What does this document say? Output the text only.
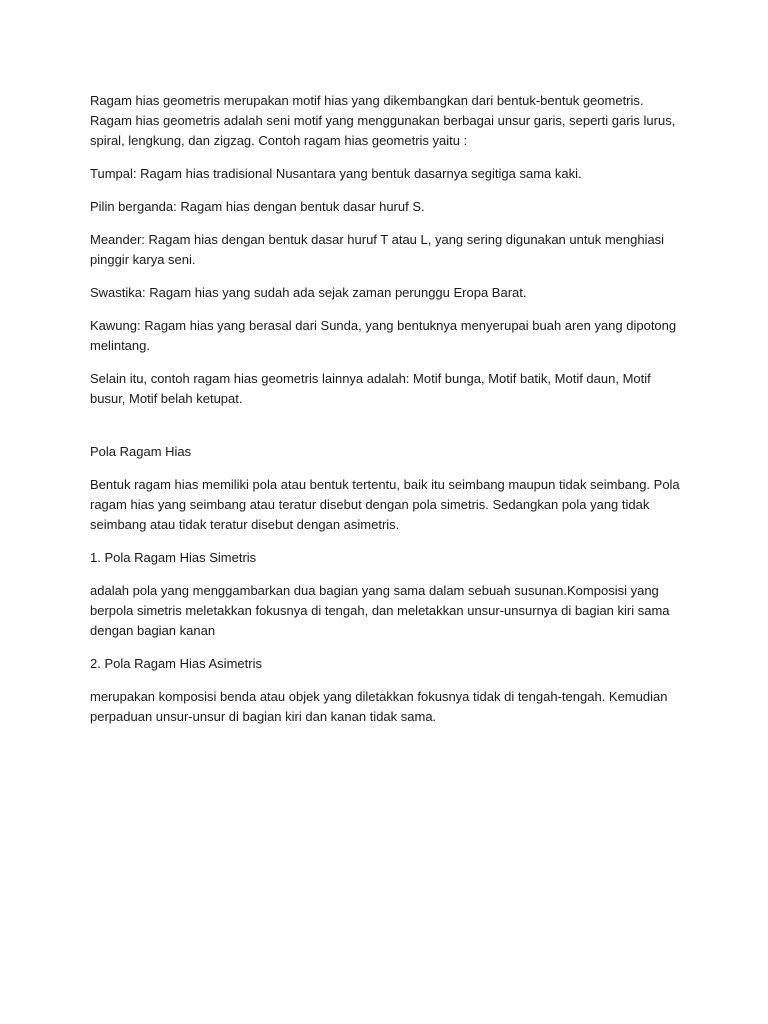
Ragam hias geometris merupakan motif hias yang dikembangkan dari bentuk-bentuk geometris. Ragam hias geometris adalah seni motif yang menggunakan berbagai unsur garis, seperti garis lurus, spiral, lengkung, dan zigzag. Contoh ragam hias geometris yaitu :

Tumpal: Ragam hias tradisional Nusantara yang bentuk dasarnya segitiga sama kaki.

Pilin berganda: Ragam hias dengan bentuk dasar huruf S.

Meander: Ragam hias dengan bentuk dasar huruf T atau L, yang sering digunakan untuk menghiasi pinggir karya seni.

Swastika: Ragam hias yang sudah ada sejak zaman perunggu Eropa Barat.

Kawung: Ragam hias yang berasal dari Sunda, yang bentuknya menyerupai buah aren yang dipotong melintang.

Selain itu, contoh ragam hias geometris lainnya adalah: Motif bunga, Motif batik, Motif daun, Motif busur, Motif belah ketupat.

Pola Ragam Hias

Bentuk ragam hias memiliki pola atau bentuk tertentu, baik itu seimbang maupun tidak seimbang. Pola ragam hias yang seimbang atau teratur disebut dengan pola simetris. Sedangkan pola yang tidak seimbang atau tidak teratur disebut dengan asimetris.

1. Pola Ragam Hias Simetris

adalah pola yang menggambarkan dua bagian yang sama dalam sebuah susunan.Komposisi yang berpola simetris meletakkan fokusnya di tengah, dan meletakkan unsur-unsurnya di bagian kiri sama dengan bagian kanan

2. Pola Ragam Hias Asimetris

merupakan komposisi benda atau objek yang diletakkan fokusnya tidak di tengah-tengah. Kemudian perpaduan unsur-unsur di bagian kiri dan kanan tidak sama.
